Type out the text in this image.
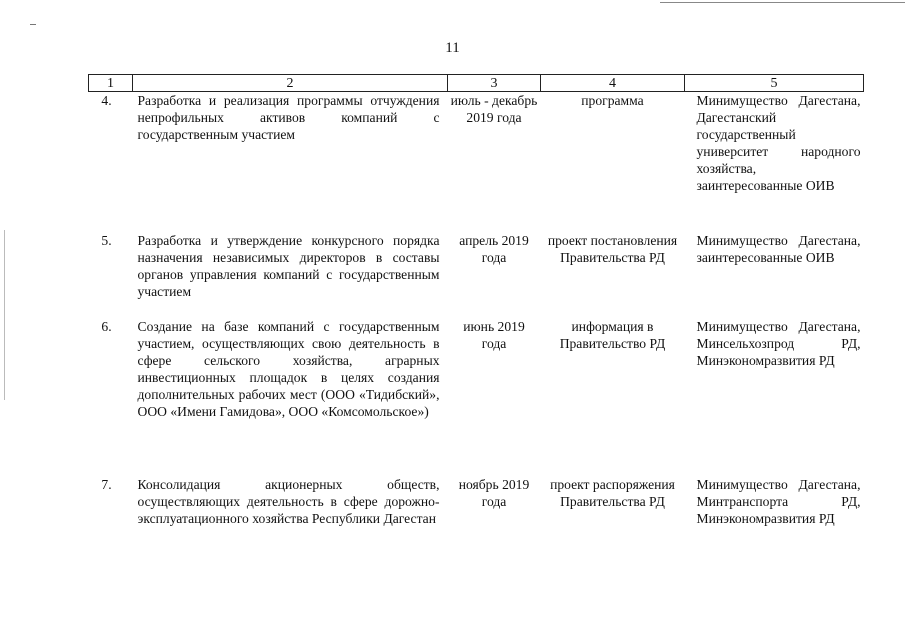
11
1	2	3	4	5
4.	Разработка и реализация программы отчуждения непрофильных активов компаний с государственным участием	июль - декабрь 2019 года	программа	Минимущество Дагестана, Дагестанский государственный университет народного хозяйства, заинтересованные ОИВ
5.	Разработка и утверждение конкурсного порядка назначения независимых директоров в составы органов управления компаний с государственным участием	апрель 2019 года	проект постановления Правительства РД	Минимущество Дагестана, заинтересованные ОИВ
6.	Создание на базе компаний с государственным участием, осуществляющих свою деятельность в сфере сельского хозяйства, аграрных инвестиционных площадок в целях создания дополнительных рабочих мест (ООО «Тидибский», ООО «Имени Гамидова», ООО «Комсомольское»)	июнь 2019 года	информация в Правительство РД	Минимущество Дагестана, Минсельхозпрод РД, Минэкономразвития РД
7.	Консолидация акционерных обществ, осуществляющих деятельность в сфере дорожно-эксплуатационного хозяйства Республики Дагестан	ноябрь 2019 года	проект распоряжения Правительства РД	Минимущество Дагестана, Минтранспорта РД, Минэкономразвития РД
